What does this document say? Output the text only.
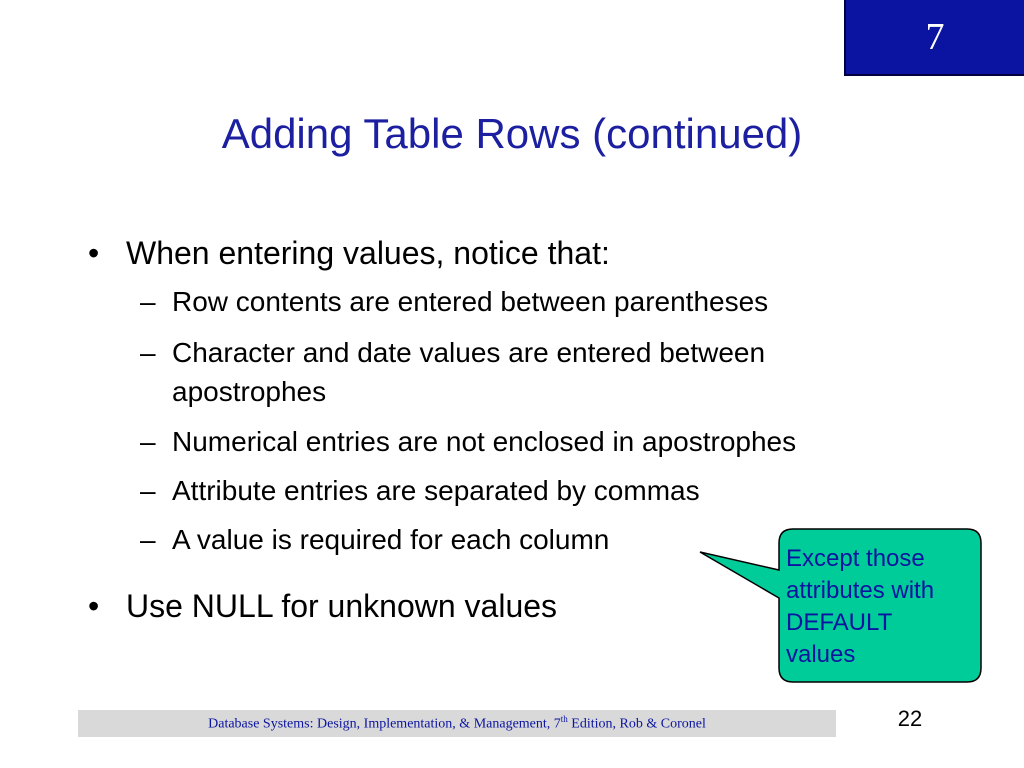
7
Adding Table Rows (continued)
• When entering values, notice that:
– Row contents are entered between parentheses
– Character and date values are entered between
apostrophes
– Numerical entries are not enclosed in apostrophes
– Attribute entries are separated by commas
– A value is required for each column
• Use NULL for unknown values
Except those
attributes with
DEFAULT
values
Database Systems: Design, Implementation, & Management, 7th Edition, Rob & Coronel	22
